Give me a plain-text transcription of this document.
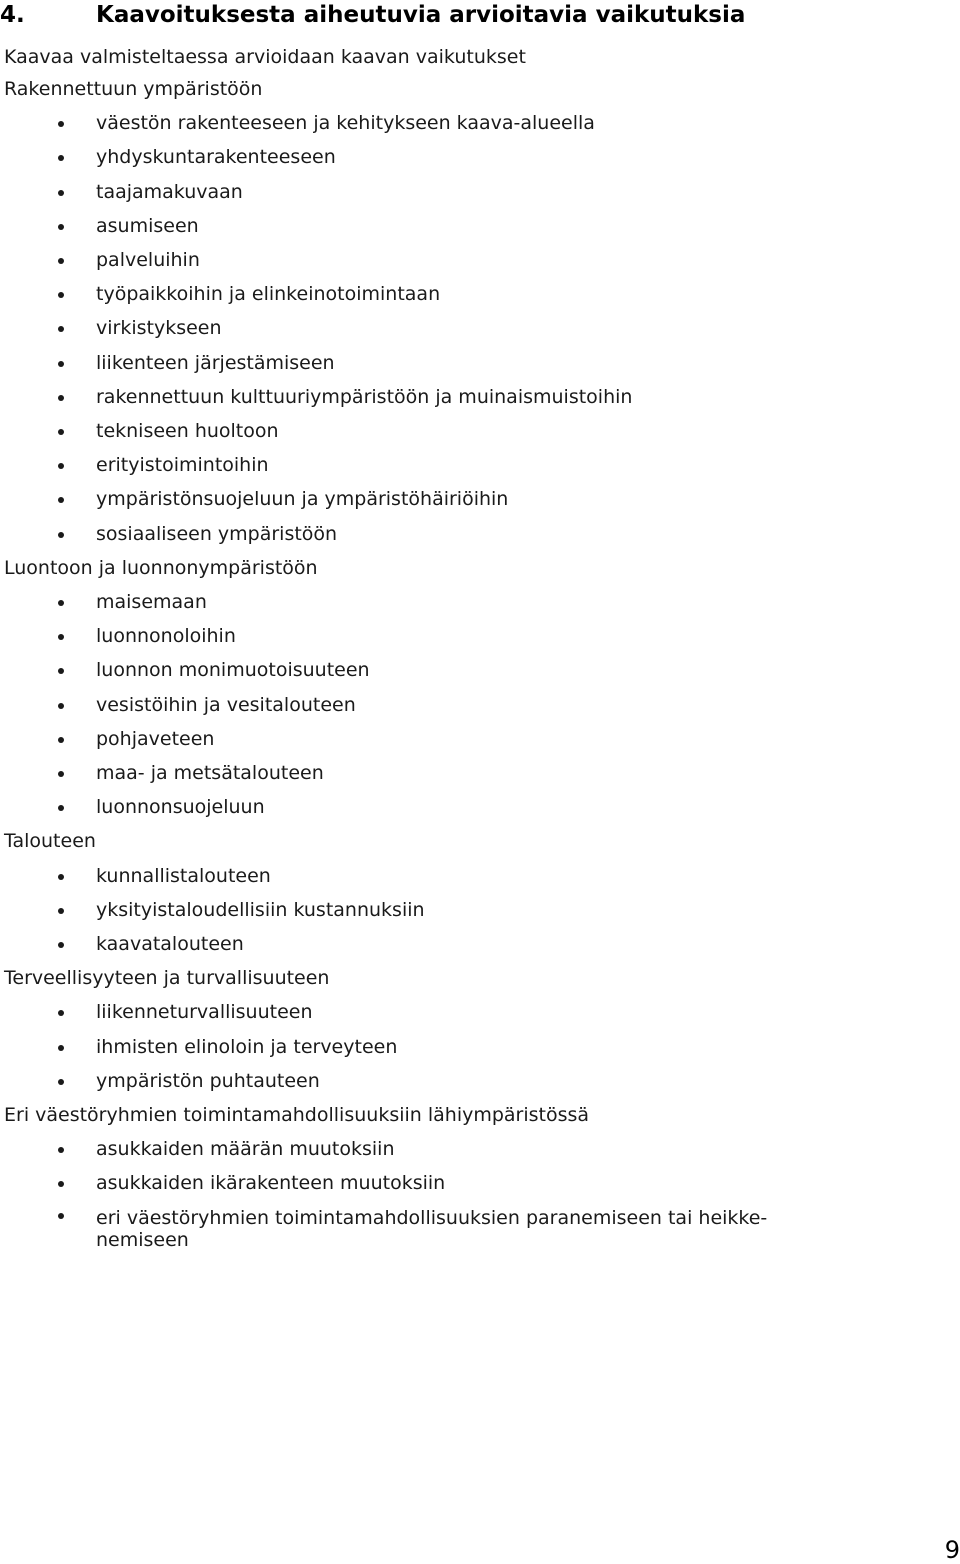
4.	Kaavoituksesta aiheutuvia arvioitavia vaikutuksia
Kaavaa valmisteltaessa arvioidaan kaavan vaikutukset
Rakennettuun ympäristöön
väestön rakenteeseen ja kehitykseen kaava-alueella
yhdyskuntarakenteeseen
taajamakuvaan
asumiseen
palveluihin
työpaikkoihin ja elinkeinotoimintaan
virkistykseen
liikenteen järjestämiseen
rakennettuun kulttuuriympäristöön ja muinaismuistoihin
tekniseen huoltoon
erityistoimintoihin
ympäristönsuojeluun ja ympäristöhäiriöihin
sosiaaliseen ympäristöön
Luontoon ja luonnonympäristöön
maisemaan
luonnonoloihin
luonnon monimuotoisuuteen
vesistöihin ja vesitalouteen
pohjaveteen
maa- ja metsätalouteen
luonnonsuojeluun
Talouteen
kunnallistalouteen
yksityistaloudellisiin kustannuksiin
kaavatalouteen
Terveellisyyteen ja turvallisuuteen
liikenneturvallisuuteen
ihmisten elinoloin ja terveyteen
ympäristön puhtauteen
Eri väestöryhmien toimintamahdollisuuksiin lähiympäristössä
asukkaiden määrän muutoksiin
asukkaiden ikärakenteen muutoksiin
eri väestöryhmien toimintamahdollisuuksien paranemiseen tai heikke-nemiseen
9
